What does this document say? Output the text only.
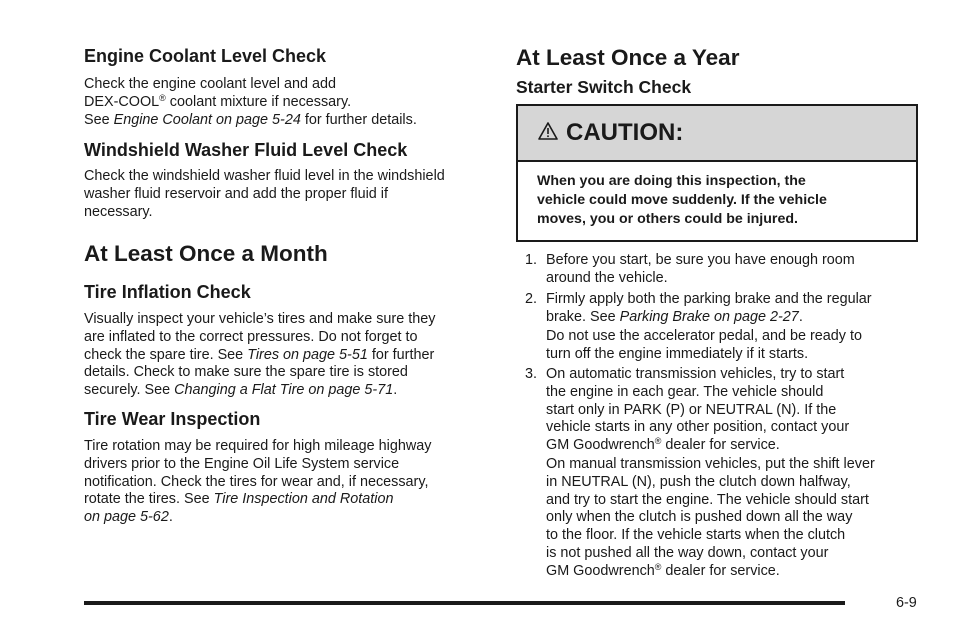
Engine Coolant Level Check
Check the engine coolant level and add
DEX-COOL® coolant mixture if necessary.
See Engine Coolant on page 5-24 for further details.
Windshield Washer Fluid Level Check
Check the windshield washer fluid level in the windshield
washer fluid reservoir and add the proper fluid if
necessary.
At Least Once a Month
Tire Inflation Check
Visually inspect your vehicle’s tires and make sure they
are inflated to the correct pressures. Do not forget to
check the spare tire. See Tires on page 5-51 for further
details. Check to make sure the spare tire is stored
securely. See Changing a Flat Tire on page 5-71.
Tire Wear Inspection
Tire rotation may be required for high mileage highway
drivers prior to the Engine Oil Life System service
notification. Check the tires for wear and, if necessary,
rotate the tires. See Tire Inspection and Rotation
on page 5-62.
At Least Once a Year
Starter Switch Check
CAUTION:
When you are doing this inspection, the
vehicle could move suddenly. If the vehicle
moves, you or others could be injured.
1. Before you start, be sure you have enough room
around the vehicle.
2. Firmly apply both the parking brake and the regular
brake. See Parking Brake on page 2-27.
Do not use the accelerator pedal, and be ready to
turn off the engine immediately if it starts.
3. On automatic transmission vehicles, try to start
the engine in each gear. The vehicle should
start only in PARK (P) or NEUTRAL (N). If the
vehicle starts in any other position, contact your
GM Goodwrench® dealer for service.
On manual transmission vehicles, put the shift lever
in NEUTRAL (N), push the clutch down halfway,
and try to start the engine. The vehicle should start
only when the clutch is pushed down all the way
to the floor. If the vehicle starts when the clutch
is not pushed all the way down, contact your
GM Goodwrench® dealer for service.
6-9
